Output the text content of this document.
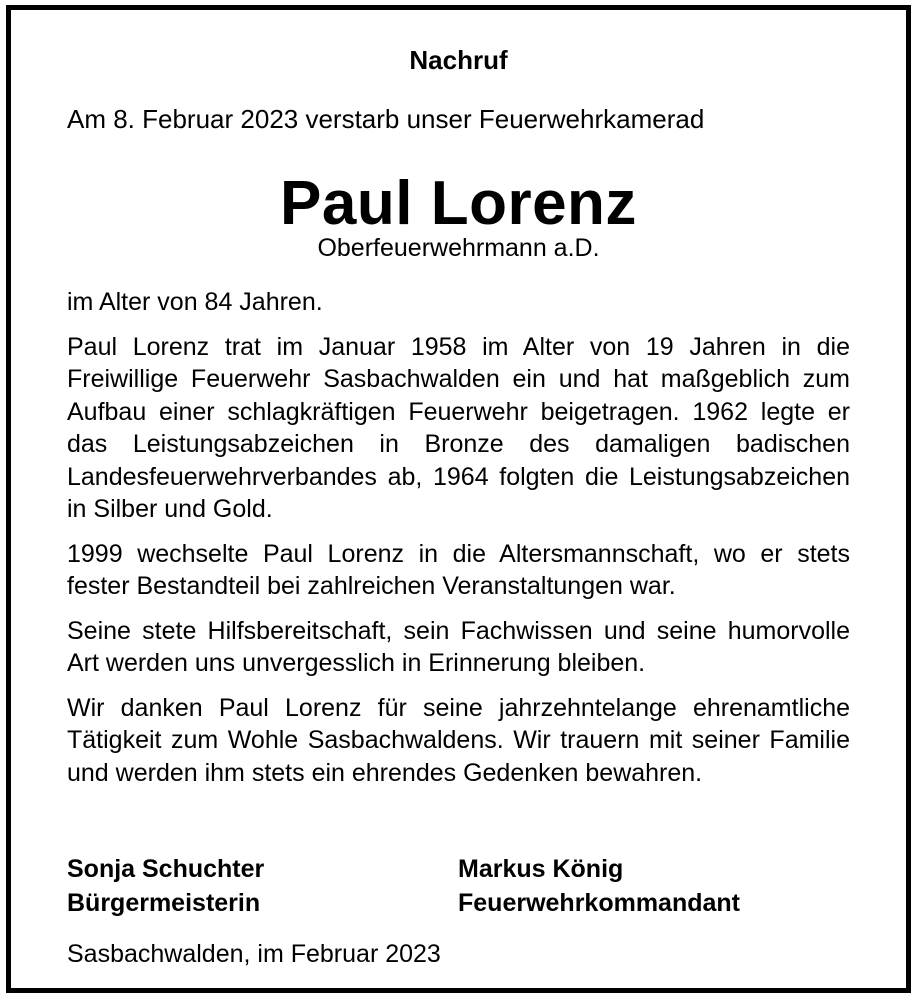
Nachruf
Am 8. Februar 2023 verstarb unser Feuerwehrkamerad
Paul Lorenz
Oberfeuerwehrmann a.D.

im Alter von 84 Jahren.

Paul Lorenz trat im Januar 1958 im Alter von 19 Jahren in die Freiwillige Feuerwehr Sasbachwalden ein und hat maßgeblich zum Aufbau einer schlagkräftigen Feuerwehr beigetragen. 1962 legte er das Leistungsabzeichen in Bronze des damaligen badischen Landesfeuerwehrverbandes ab, 1964 folgten die Leistungsabzeichen in Silber und Gold.

1999 wechselte Paul Lorenz in die Altersmannschaft, wo er stets fester Bestandteil bei zahlreichen Veranstaltungen war.

Seine stete Hilfsbereitschaft, sein Fachwissen und seine humorvolle Art werden uns unvergesslich in Erinnerung bleiben.

Wir danken Paul Lorenz für seine jahrzehntelange ehrenamtliche Tätigkeit zum Wohle Sasbachwaldens. Wir trauern mit seiner Familie und werden ihm stets ein ehrendes Gedenken bewahren.

Sonja Schuchter
Bürgermeisterin
Markus König
Feuerwehrkommandant
Sasbachwalden, im Februar 2023
